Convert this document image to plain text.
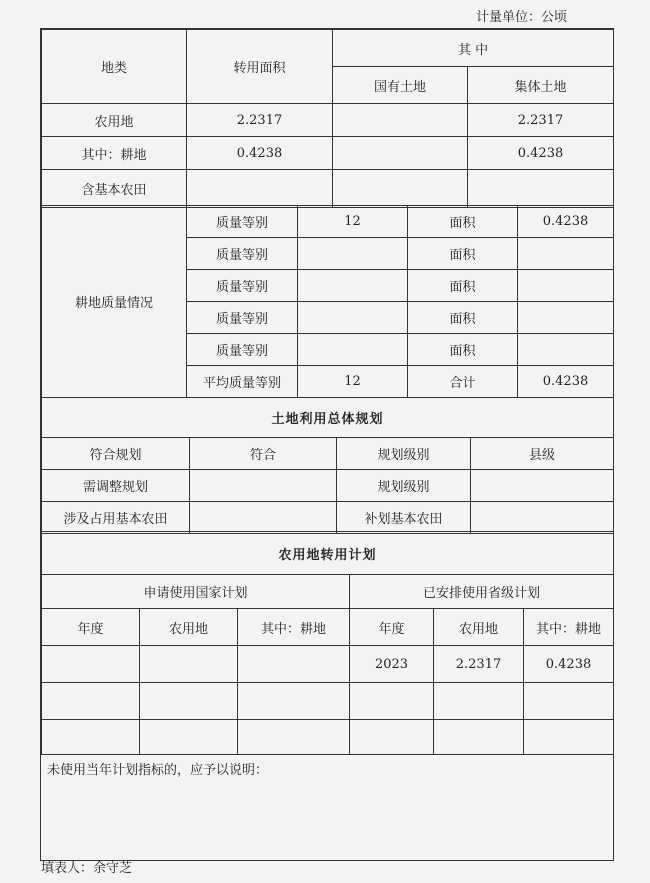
计量单位：公顷
地类	转用面积	其 中	
		国有土地	集体土地
农用地	2.2317		2.2317
其中：耕地	0.4238		0.4238
含基本农田			
耕地质量情况	质量等别	12	面积	0.4238
	质量等别		面积	
	质量等别		面积	
	质量等别		面积	
	质量等别		面积	
	平均质量等别	12	合计	0.4238
土地利用总体规划			
符合规划	符合	规划级别	县级
需调整规划		规划级别	
涉及占用基本农田		补划基本农田	
农用地转用计划					
申请使用国家计划			已安排使用省级计划		
年度	农用地	其中：耕地	年度	农用地	其中：耕地
			2023	2.2317	0.4238

未使用当年计划指标的，应予以说明：
填表人：余守芝
